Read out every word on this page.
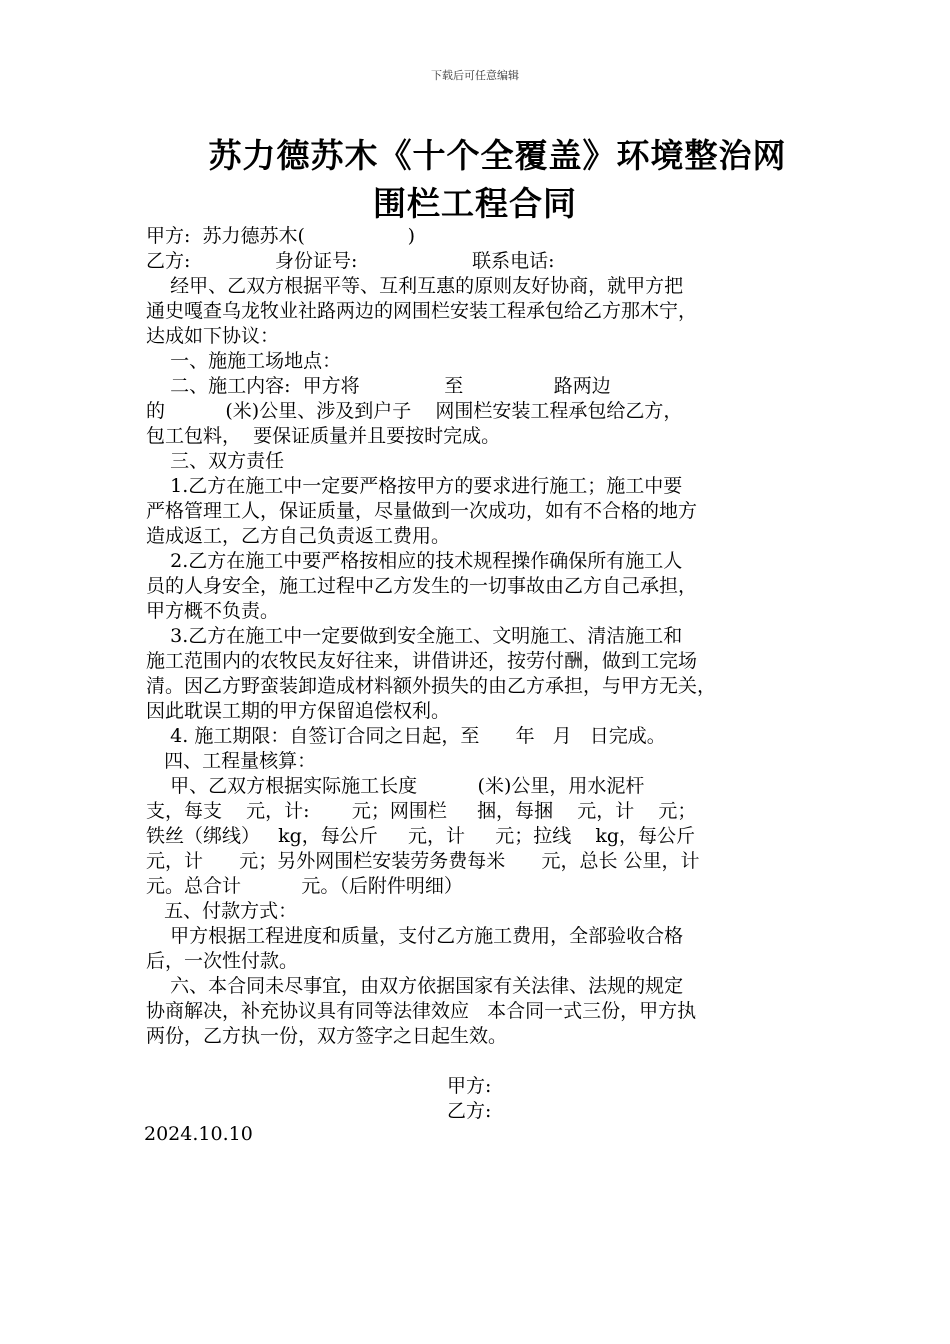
下载后可任意编辑
苏力德苏木《十个全覆盖》环境整治网
围栏工程合同
甲方:  苏力德苏木(                 )
乙方:              身份证号:                   联系电话:
经甲、乙双方根据平等、互利互惠的原则友好协商，就甲方把
通史嘎查乌龙牧业社路两边的网围栏安装工程承包给乙方那木宁，
达成如下协议：
一、施施工场地点：
二、施工内容:  甲方将              至               路两边
的          (米)公里、涉及到户子    网围栏安装工程承包给乙方，
包工包料，  要保证质量并且要按时完成。
三、双方责任
1.乙方在施工中一定要严格按甲方的要求进行施工；施工中要
严格管理工人，保证质量，尽量做到一次成功，如有不合格的地方
造成返工，乙方自己负责返工费用。
2.乙方在施工中要严格按相应的技术规程操作确保所有施工人
员的人身安全，施工过程中乙方发生的一切事故由乙方自己承担，
甲方概不负责。
3.乙方在施工中一定要做到安全施工、文明施工、清洁施工和
施工范围内的农牧民友好往来，讲借讲还，按劳付酬，做到工完场
清。因乙方野蛮装卸造成材料额外损失的由乙方承担，与甲方无关，
因此耽误工期的甲方保留追偿权利。
4. 施工期限：自签订合同之日起，至      年   月   日完成。
四、工程量核算：
甲、乙双方根据实际施工长度          (米)公里，用水泥杆
支，每支    元，计:       元；网围栏     捆，每捆    元，计    元；
铁丝（绑线）   kg，每公斤     元，计     元；拉线    kg，每公斤
元，计      元；另外网围栏安装劳务费每米      元，总长 公里，计
元。总合计          元。（后附件明细）
五、付款方式：
甲方根据工程进度和质量，支付乙方施工费用，全部验收合格
后，一次性付款。
六、本合同未尽事宜，由双方依据国家有关法律、法规的规定
协商解决，补充协议具有同等法律效应   本合同一式三份，甲方执
两份，乙方执一份，双方签字之日起生效。
甲方:
乙方:
2024.10.10
